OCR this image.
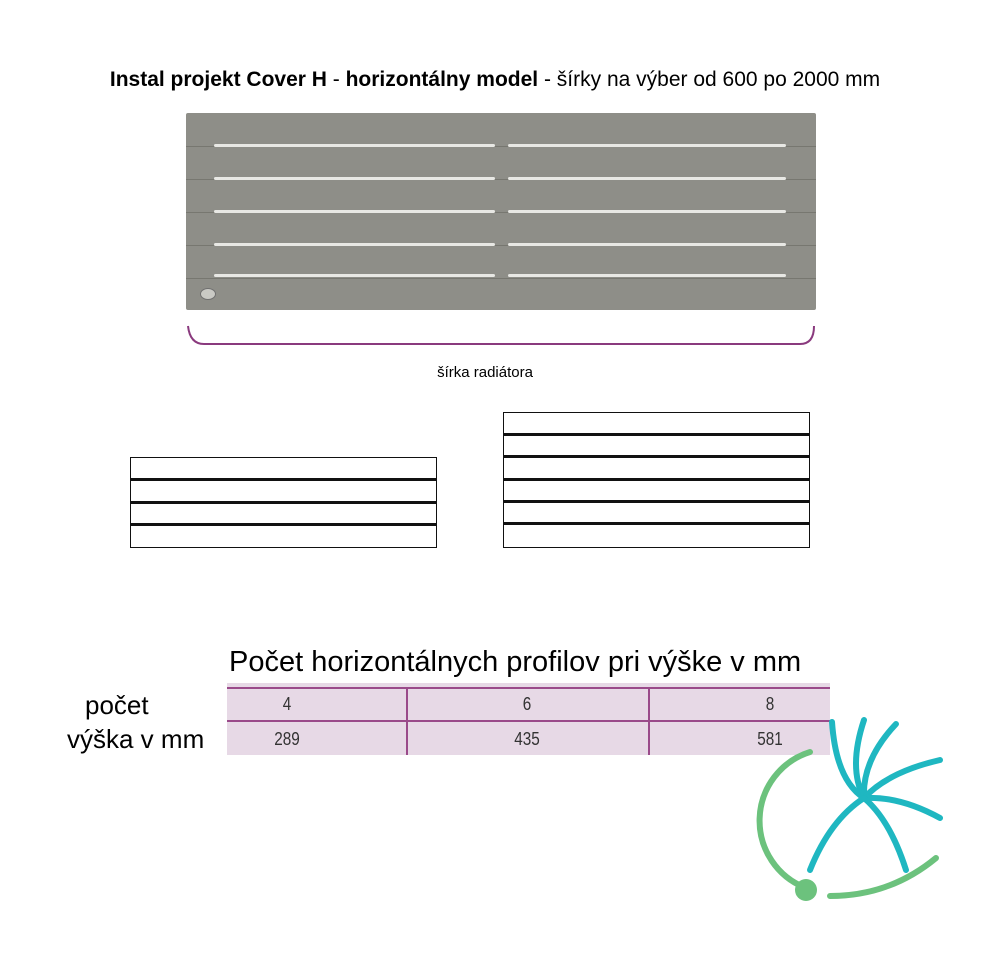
Instal projekt Cover H - horizontálny model - šírky na výber od 600 po 2000 mm
šírka radiátora
Počet horizontálnych profilov pri výške v mm
počet
výška v mm
4	6	8
289	435	581
